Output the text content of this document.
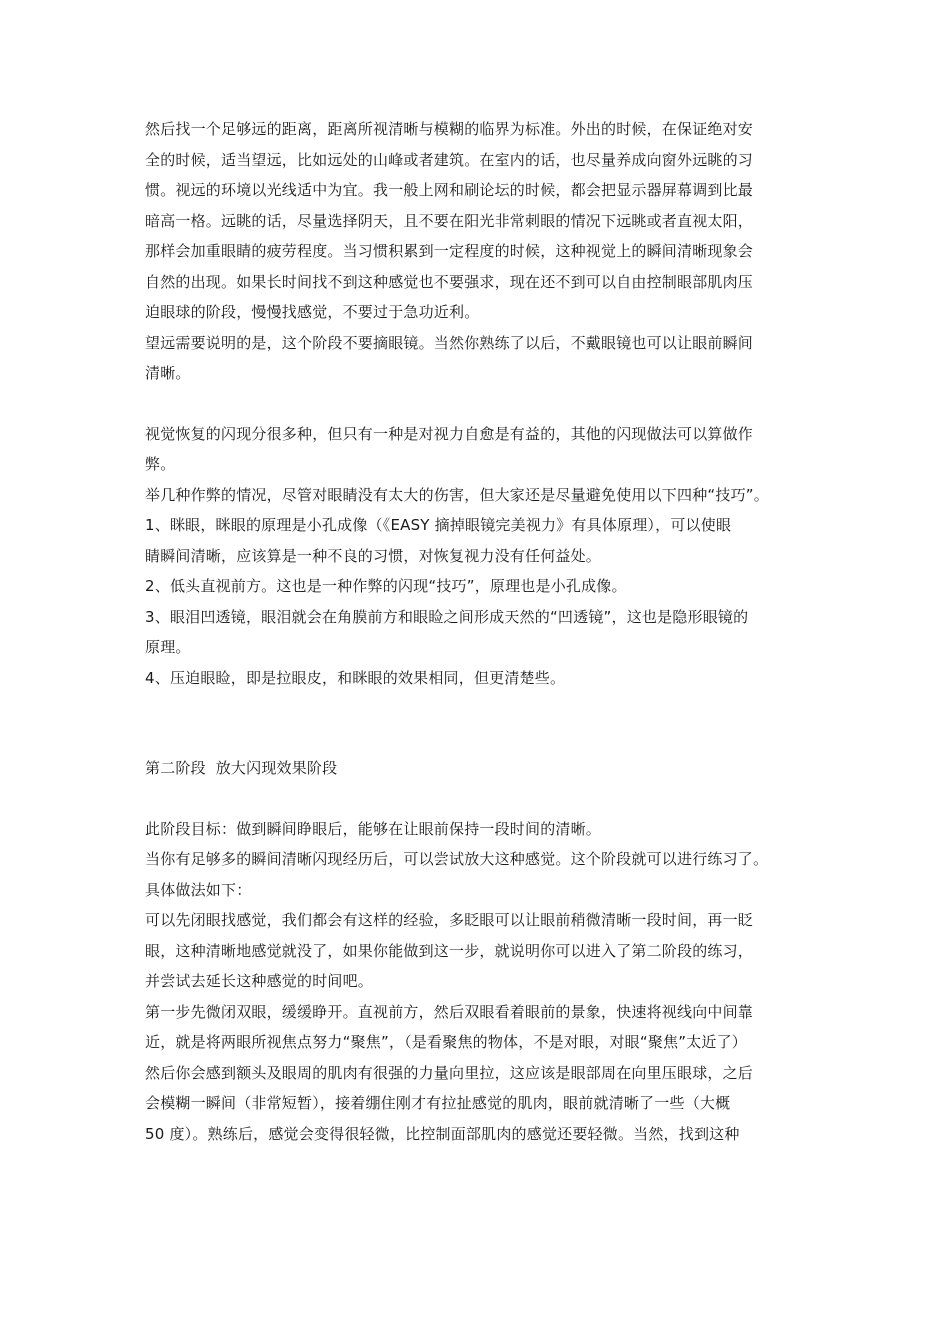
然后找一个足够远的距离，距离所视清晰与模糊的临界为标准。外出的时候，在保证绝对安
全的时候，适当望远，比如远处的山峰或者建筑。在室内的话，也尽量养成向窗外远眺的习
惯。视远的环境以光线适中为宜。我一般上网和刷论坛的时候，都会把显示器屏幕调到比最
暗高一格。远眺的话，尽量选择阴天，且不要在阳光非常刺眼的情况下远眺或者直视太阳，
那样会加重眼睛的疲劳程度。当习惯积累到一定程度的时候，这种视觉上的瞬间清晰现象会
自然的出现。如果长时间找不到这种感觉也不要强求，现在还不到可以自由控制眼部肌肉压
迫眼球的阶段，慢慢找感觉，不要过于急功近利。

望远需要说明的是，这个阶段不要摘眼镜。当然你熟练了以后，不戴眼镜也可以让眼前瞬间
清晰。

视觉恢复的闪现分很多种，但只有一种是对视力自愈是有益的，其他的闪现做法可以算做作
弊。

举几种作弊的情况，尽管对眼睛没有太大的伤害，但大家还是尽量避免使用以下四种“技巧”。

1、眯眼，眯眼的原理是小孔成像（《EASY 摘掉眼镜完美视力》有具体原理），可以使眼
睛瞬间清晰，应该算是一种不良的习惯，对恢复视力没有任何益处。

2、低头直视前方。这也是一种作弊的闪现“技巧”，原理也是小孔成像。

3、眼泪凹透镜，眼泪就会在角膜前方和眼睑之间形成天然的“凹透镜”，这也是隐形眼镜的
原理。

4、压迫眼睑，即是拉眼皮，和眯眼的效果相同，但更清楚些。

第二阶段  放大闪现效果阶段

此阶段目标：做到瞬间睁眼后，能够在让眼前保持一段时间的清晰。

当你有足够多的瞬间清晰闪现经历后，可以尝试放大这种感觉。这个阶段就可以进行练习了。
具体做法如下：

可以先闭眼找感觉，我们都会有这样的经验，多眨眼可以让眼前稍微清晰一段时间，再一眨
眼，这种清晰地感觉就没了，如果你能做到这一步，就说明你可以进入了第二阶段的练习，
并尝试去延长这种感觉的时间吧。

第一步先微闭双眼，缓缓睁开。直视前方，然后双眼看着眼前的景象，快速将视线向中间靠
近，就是将两眼所视焦点努力“聚焦”，（是看聚焦的物体，不是对眼，对眼“聚焦”太近了）
然后你会感到额头及眼周的肌肉有很强的力量向里拉，这应该是眼部周在向里压眼球，之后
会模糊一瞬间（非常短暂），接着绷住刚才有拉扯感觉的肌肉，眼前就清晰了一些（大概
50 度）。熟练后，感觉会变得很轻微，比控制面部肌肉的感觉还要轻微。当然，找到这种
